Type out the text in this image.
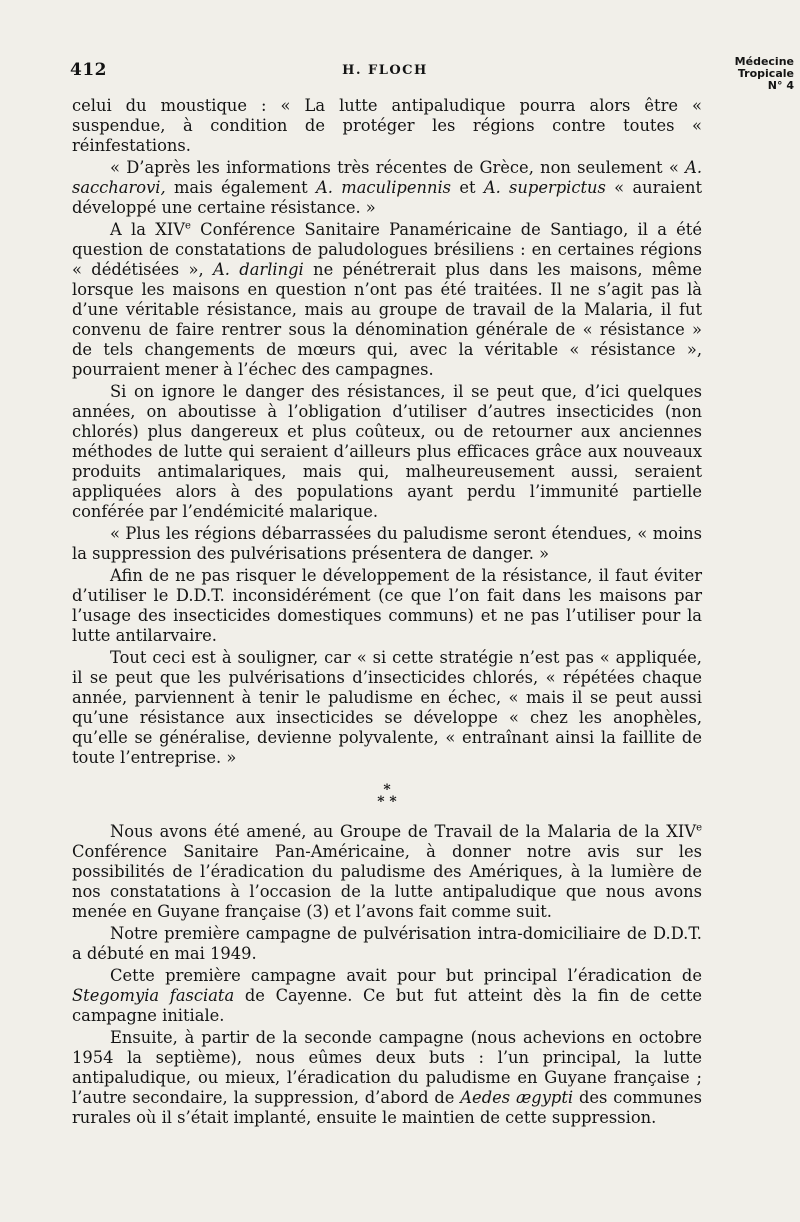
412	H. FLOCH
Médecine
Tropicale
N° 4

celui du moustique : « La lutte antipaludique pourra alors être « suspendue, à condition de protéger les régions contre toutes « réinfestations.

« D’après les informations très récentes de Grèce, non seulement « A. saccharovi, mais également A. maculipennis et A. superpictus « auraient développé une certaine résistance. »

A la XIVe Conférence Sanitaire Panaméricaine de Santiago, il a été question de constatations de paludologues brésiliens : en certaines régions « dédétisées », A. darlingi ne pénétrerait plus dans les maisons, même lorsque les maisons en question n’ont pas été traitées. Il ne s’agit pas là d’une véritable résistance, mais au groupe de travail de la Malaria, il fut convenu de faire rentrer sous la dénomination générale de « résistance » de tels changements de mœurs qui, avec la véritable « résistance », pourraient mener à l’échec des campagnes.

Si on ignore le danger des résistances, il se peut que, d’ici quelques années, on aboutisse à l’obligation d’utiliser d’autres insecticides (non chlorés) plus dangereux et plus coûteux, ou de retourner aux anciennes méthodes de lutte qui seraient d’ailleurs plus efficaces grâce aux nouveaux produits antimalariques, mais qui, malheureusement aussi, seraient appliquées alors à des populations ayant perdu l’immunité partielle conférée par l’endémicité malarique.

« Plus les régions débarrassées du paludisme seront étendues, « moins la suppression des pulvérisations présentera de danger. »

Afin de ne pas risquer le développement de la résistance, il faut éviter d’utiliser le D.D.T. inconsidérément (ce que l’on fait dans les maisons par l’usage des insecticides domestiques communs) et ne pas l’utiliser pour la lutte antilarvaire.

Tout ceci est à souligner, car « si cette stratégie n’est pas « appliquée, il se peut que les pulvérisations d’insecticides chlorés, « répétées chaque année, parviennent à tenir le paludisme en échec, « mais il se peut aussi qu’une résistance aux insecticides se développe « chez les anophèles, qu’elle se généralise, devienne polyvalente, « entraînant ainsi la faillite de toute l’entreprise. »

*
* *

Nous avons été amené, au Groupe de Travail de la Malaria de la XIVe Conférence Sanitaire Pan-Américaine, à donner notre avis sur les possibilités de l’éradication du paludisme des Amériques, à la lumière de nos constatations à l’occasion de la lutte antipaludique que nous avons menée en Guyane française (3) et l’avons fait comme suit.

Notre première campagne de pulvérisation intra-domiciliaire de D.D.T. a débuté en mai 1949.

Cette première campagne avait pour but principal l’éradication de Stegomyia fasciata de Cayenne. Ce but fut atteint dès la fin de cette campagne initiale.

Ensuite, à partir de la seconde campagne (nous achevions en octobre 1954 la septième), nous eûmes deux buts : l’un principal, la lutte antipaludique, ou mieux, l’éradication du paludisme en Guyane française ; l’autre secondaire, la suppression, d’abord de Aedes ægypti des communes rurales où il s’était implanté, ensuite le maintien de cette suppression.
